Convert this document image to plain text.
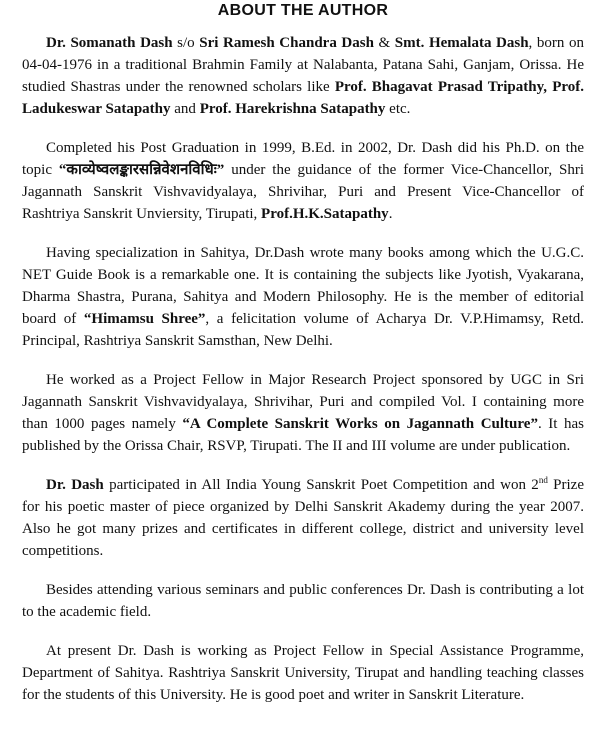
ABOUT THE AUTHOR

Dr. Somanath Dash s/o Sri Ramesh Chandra Dash & Smt. Hemalata Dash, born on 04-04-1976 in a traditional Brahmin Family at Nalabanta, Patana Sahi, Ganjam, Orissa. He studied Shastras under the renowned scholars like Prof. Bhagavat Prasad Tripathy, Prof. Ladukeswar Satapathy and Prof. Harekrishna Satapathy etc.

Completed his Post Graduation in 1999, B.Ed. in 2002, Dr. Dash did his Ph.D. on the topic “काव्येष्वलङ्कारसन्निवेशनविधिः” under the guidance of the former Vice-Chancellor, Shri Jagannath Sanskrit Vishvavidyalaya, Shrivihar, Puri and Present Vice-Chancellor of Rashtriya Sanskrit Unviersity, Tirupati, Prof.H.K.Satapathy.

Having specialization in Sahitya, Dr.Dash wrote many books among which the U.G.C. NET Guide Book is a remarkable one. It is containing the subjects like Jyotish, Vyakarana, Dharma Shastra, Purana, Sahitya and Modern Philosophy. He is the member of editorial board of “Himamsu Shree”, a felicitation volume of Acharya Dr. V.P.Himamsy, Retd. Principal, Rashtriya Sanskrit Samsthan, New Delhi.

He worked as a Project Fellow in Major Research Project sponsored by UGC in Sri Jagannath Sanskrit Vishvavidyalaya, Shrivihar, Puri and compiled Vol. I containing more than 1000 pages namely “A Complete Sanskrit Works on Jagannath Culture”. It has published by the Orissa Chair, RSVP, Tirupati. The II and III volume are under publication.

Dr. Dash participated in All India Young Sanskrit Poet Competition and won 2nd Prize for his poetic master of piece organized by Delhi Sanskrit Akademy during the year 2007. Also he got many prizes and certificates in different college, district and university level competitions.

Besides attending various seminars and public conferences Dr. Dash is contributing a lot to the academic field.

At present Dr. Dash is working as Project Fellow in Special Assistance Programme, Department of Sahitya. Rashtriya Sanskrit University, Tirupat and handling teaching classes for the students of this University. He is good poet and writer in Sanskrit Literature.
